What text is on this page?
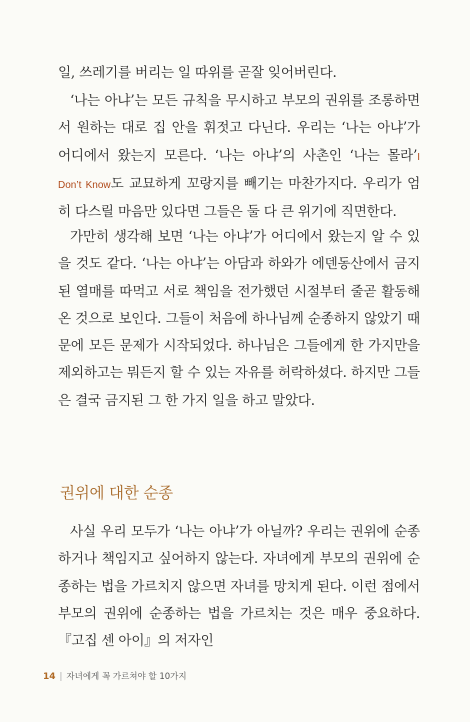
일, 쓰레기를 버리는 일 따위를 곧잘 잊어버린다.

‘나는 아냐’는 모든 규칙을 무시하고 부모의 권위를 조롱하면서 원하는 대로 집 안을 휘젓고 다닌다. 우리는 ‘나는 아냐’가 어디에서 왔는지 모른다. ‘나는 아냐’의 사촌인 ‘나는 몰라’I Don’t Know도 교묘하게 꼬랑지를 빼기는 마찬가지다. 우리가 엄히 다스릴 마음만 있다면 그들은 둘 다 큰 위기에 직면한다.

가만히 생각해 보면 ‘나는 아냐’가 어디에서 왔는지 알 수 있을 것도 같다. ‘나는 아냐’는 아담과 하와가 에덴동산에서 금지된 열매를 따먹고 서로 책임을 전가했던 시절부터 줄곧 활동해 온 것으로 보인다. 그들이 처음에 하나님께 순종하지 않았기 때문에 모든 문제가 시작되었다. 하나님은 그들에게 한 가지만을 제외하고는 뭐든지 할 수 있는 자유를 허락하셨다. 하지만 그들은 결국 금지된 그 한 가지 일을 하고 말았다.

권위에 대한 순종

사실 우리 모두가 ‘나는 아냐’가 아닐까? 우리는 권위에 순종하거나 책임지고 싶어하지 않는다. 자녀에게 부모의 권위에 순종하는 법을 가르치지 않으면 자녀를 망치게 된다. 이런 점에서 부모의 권위에 순종하는 법을 가르치는 것은 매우 중요하다. 『고집 센 아이』의 저자인

14 | 자녀에게 꼭 가르쳐야 할 10가지
